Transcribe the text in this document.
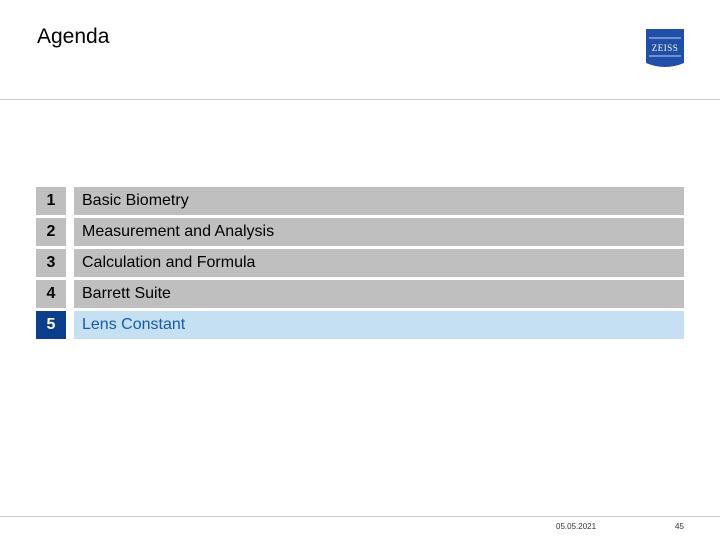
Agenda	ZEISS
1	Basic Biometry
2	Measurement and Analysis
3	Calculation and Formula
4	Barrett Suite
5	Lens Constant
05.05.2021	45
